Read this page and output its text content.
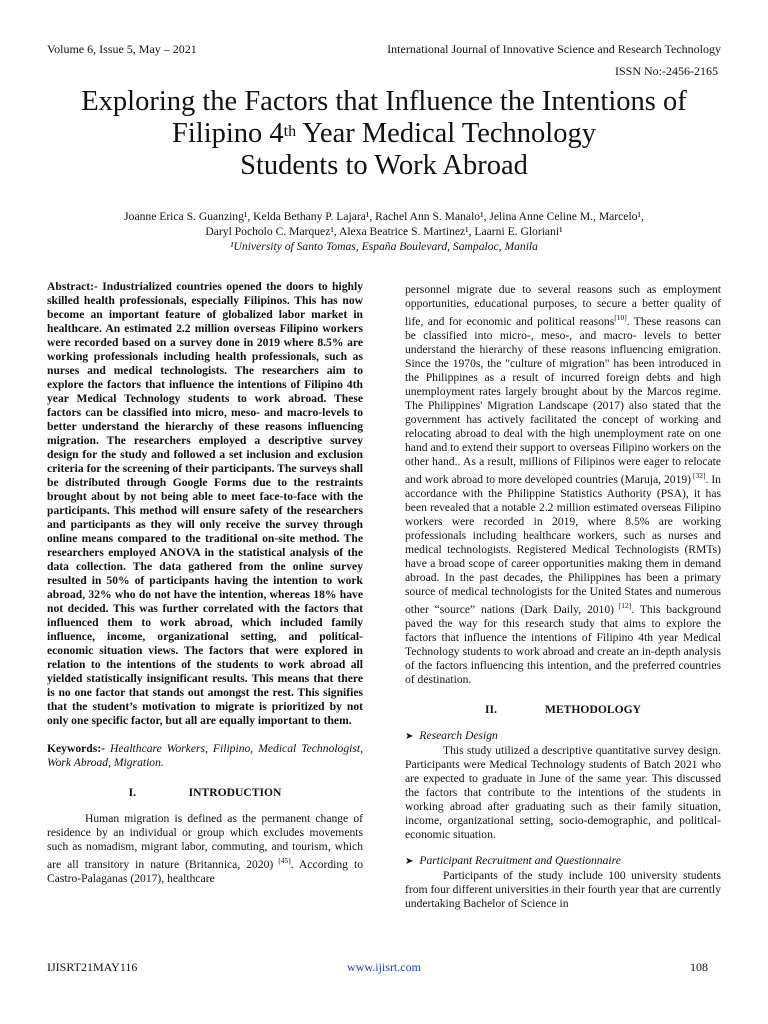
Volume 6, Issue 5, May – 2021	International Journal of Innovative Science and Research Technology
ISSN No:-2456-2165
Exploring the Factors that Influence the Intentions of
Filipino 4th Year Medical Technology
Students to Work Abroad
Joanne Erica S. Guanzing¹, Kelda Bethany P. Lajara¹, Rachel Ann S. Manalo¹, Jelina Anne Celine M., Marcelo¹,
Daryl Pocholo C. Marquez¹, Alexa Beatrice S. Martinez¹, Laarni E. Gloriani¹
¹University of Santo Tomas, España Boulevard, Sampaloc, Manila

Abstract:- Industrialized countries opened the doors to highly skilled health professionals, especially Filipinos. This has now become an important feature of globalized labor market in healthcare. An estimated 2.2 million overseas Filipino workers were recorded based on a survey done in 2019 where 8.5% are working professionals including health professionals, such as nurses and medical technologists. The researchers aim to explore the factors that influence the intentions of Filipino 4th year Medical Technology students to work abroad. These factors can be classified into micro, meso- and macro-levels to better understand the hierarchy of these reasons influencing migration. The researchers employed a descriptive survey design for the study and followed a set inclusion and exclusion criteria for the screening of their participants. The surveys shall be distributed through Google Forms due to the restraints brought about by not being able to meet face-to-face with the participants. This method will ensure safety of the researchers and participants as they will only receive the survey through online means compared to the traditional on-site method. The researchers employed ANOVA in the statistical analysis of the data collection. The data gathered from the online survey resulted in 50% of participants having the intention to work abroad, 32% who do not have the intention, whereas 18% have not decided. This was further correlated with the factors that influenced them to work abroad, which included family influence, income, organizational setting, and political-economic situation views. The factors that were explored in relation to the intentions of the students to work abroad all yielded statistically insignificant results. This means that there is no one factor that stands out amongst the rest. This signifies that the student’s motivation to migrate is prioritized by not only one specific factor, but all are equally important to them.

Keywords:- Healthcare Workers, Filipino, Medical Technologist, Work Abroad, Migration.

I.	INTRODUCTION

Human migration is defined as the permanent change of residence by an individual or group which excludes movements such as nomadism, migrant labor, commuting, and tourism, which are all transitory in nature (Britannica, 2020) [45]. According to Castro-Palaganas (2017), healthcare

personnel migrate due to several reasons such as employment opportunities, educational purposes, to secure a better quality of life, and for economic and political reasons[10]. These reasons can be classified into micro-, meso-, and macro- levels to better understand the hierarchy of these reasons influencing emigration. Since the 1970s, the "culture of migration" has been introduced in the Philippines as a result of incurred foreign debts and high unemployment rates largely brought about by the Marcos regime. The Philippines' Migration Landscape (2017) also stated that the government has actively facilitated the concept of working and relocating abroad to deal with the high unemployment rate on one hand and to extend their support to overseas Filipino workers on the other hand.. As a result, millions of Filipinos were eager to relocate and work abroad to more developed countries (Maruja, 2019) [32]. In accordance with the Philippine Statistics Authority (PSA), it has been revealed that a notable 2.2 million estimated overseas Filipino workers were recorded in 2019, where 8.5% are working professionals including healthcare workers, such as nurses and medical technologists. Registered Medical Technologists (RMTs) have a broad scope of career opportunities making them in demand abroad. In the past decades, the Philippines has been a primary source of medical technologists for the United States and numerous other “source” nations (Dark Daily, 2010) [12]. This background paved the way for this research study that aims to explore the factors that influence the intentions of Filipino 4th year Medical Technology students to work abroad and create an in-depth analysis of the factors influencing this intention, and the preferred countries of destination.

II.	METHODOLOGY

➤ Research Design

This study utilized a descriptive quantitative survey design. Participants were Medical Technology students of Batch 2021 who are expected to graduate in June of the same year. This discussed the factors that contribute to the intentions of the students in working abroad after graduating such as their family situation, income, organizational setting, socio-demographic, and political-economic situation.

➤ Participant Recruitment and Questionnaire

Participants of the study include 100 university students from four different universities in their fourth year that are currently undertaking Bachelor of Science in

IJISRT21MAY116	www.ijisrt.com	108
